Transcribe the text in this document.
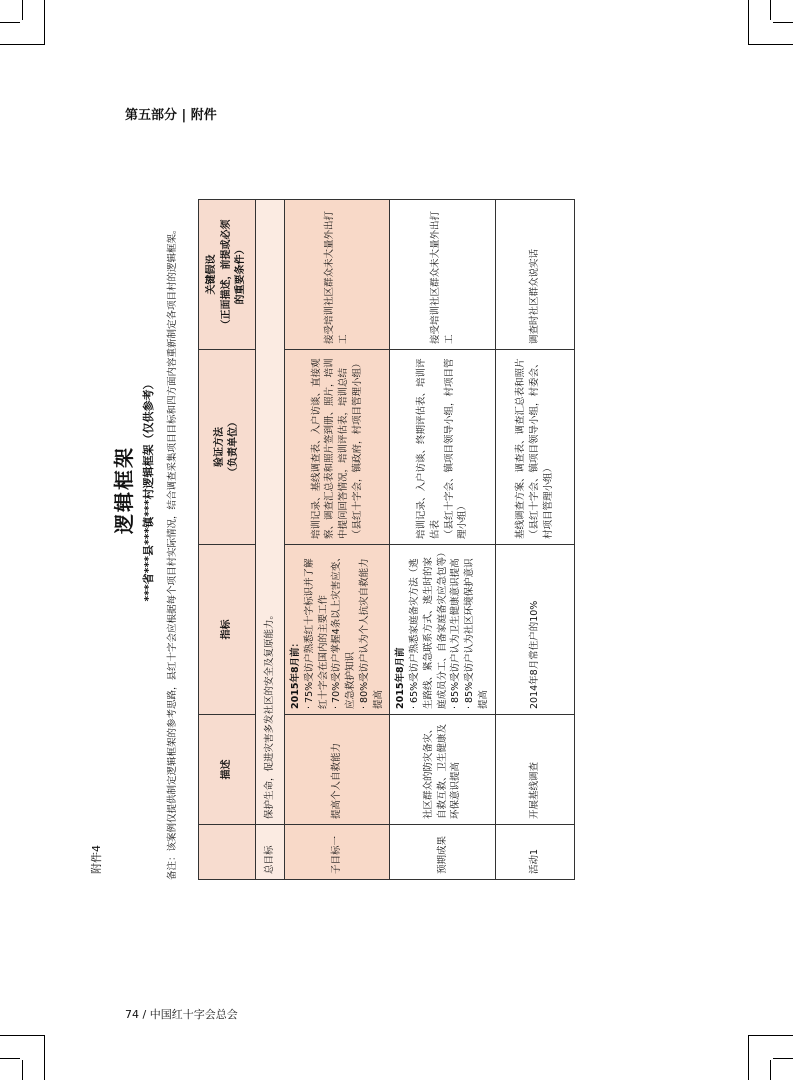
第五部分 | 附件
附件4
逻辑框架 ***省***县***镇***村逻辑框架（仅供参考）	备注：该案例仅提供制定逻辑框架的参考思路，县红十字会应根据每个项目村实际情况，结合调查采集项目目标和四方面内容重新制定各项目村的逻辑框架。
		描述	指标	验证方法 （负责单位）	关键假设 （正面描述，前提或必须 的重要条件）

总目标	保护生命，促进灾害多发社区的安全及复原能力。			
子目标一	提高个人自救能力	2015年8月前： · 75%受访户熟悉红十字标识并了解红十字会在国内的主要工作 · 70%受访户掌握4条以上灾害应变、应急救护知识 · 80%受访户认为个人抗灾自救能力提高	培训记录、基线调查表、入户访谈、直接观察、调查汇总表和照片签到册、照片，培训中提问回答情况，培训评估表，培训总结 （县红十字会，镇政府，村项目管理小组）	接受培训社区群众未大量外出打工
预期成果	社区群众的防灾备灾、自救互救、卫生健康及环保意识提高	2015年8月前 · 65%受访户熟悉家庭备灾方法（逃生路线、紧急联系方式、逃生时的家庭成员分工、自备家庭备灾应急包等） · 85%受访户认为卫生健康意识提高 · 85%受访户认为社区环境保护意识提高	培训记录、入户访谈、终期评估表、培训评估表 （县红十字会、镇项目领导小组，村项目管理小组）	接受培训社区群众未大量外出打工
活动1	开展基线调查	2014年8月常住户的10%	基线调查方案、调查表、调查汇总表和照片 （县红十字会、镇项目领导小组，村委会、村项目管理小组）	调查时社区群众说实话
74 / 中国红十字会总会
